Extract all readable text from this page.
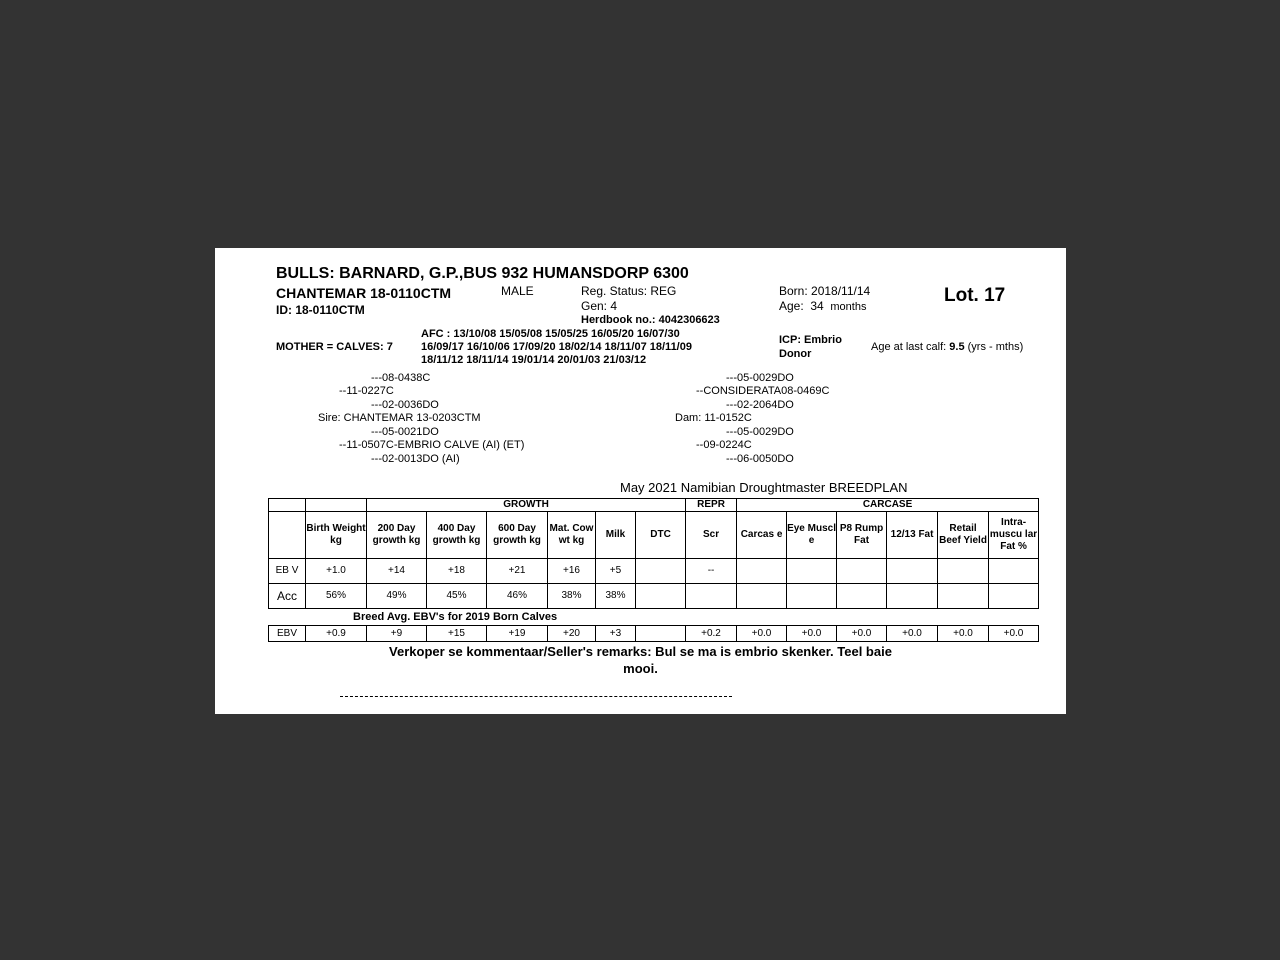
BULLS: BARNARD, G.P.,BUS 932 HUMANSDORP 6300
CHANTEMAR 18-0110CTM	MALE
ID: 18-0110CTM
Reg. Status: REG
Gen: 4
Herdbook no.: 4042306623
Born: 2018/11/14
Age: 34 months
Lot. 17
AFC : 13/10/08 15/05/08 15/05/25 16/05/20 16/07/30
MOTHER = CALVES: 7	16/09/17 16/10/06 17/09/20 18/02/14 18/11/07 18/11/09
18/11/12 18/11/14 19/01/14 20/01/03 21/03/12
ICP: Embrio
Donor
Age at last calf: 9.5 (yrs - mths)
---08-0438C
--11-0227C
---02-0036DO
Sire: CHANTEMAR 13-0203CTM
---05-0021DO
--11-0507C-EMBRIO CALVE (AI) (ET)
---02-0013DO (AI)
---05-0029DO
--CONSIDERATA08-0469C
---02-2064DO
Dam: 11-0152C
---05-0029DO
--09-0224C
---06-0050DO
May 2021 Namibian Droughtmaster BREEDPLAN
		GROWTH						REPR	CARCASE					
	Birth Weight kg	200 Day growth kg	400 Day growth kg	600 Day growth kg	Mat. Cow wt kg	Milk	DTC	Scr	Carcas e	Eye Muscl e	P8 Rump Fat	12/13 Fat	Retail Beef Yield	Intra- muscu lar Fat %
EB V	+1.0	+14	+18	+21	+16	+5		--						
Acc	56%	49%	45%	46%	38%	38%								
Breed Avg. EBV's for 2019 Born Calves
EBV	+0.9	+9	+15	+19	+20	+3		+0.2	+0.0	+0.0	+0.0	+0.0	+0.0	+0.0
Verkoper se kommentaar/Seller's remarks: Bul se ma is embrio skenker. Teel baie
mooi.
